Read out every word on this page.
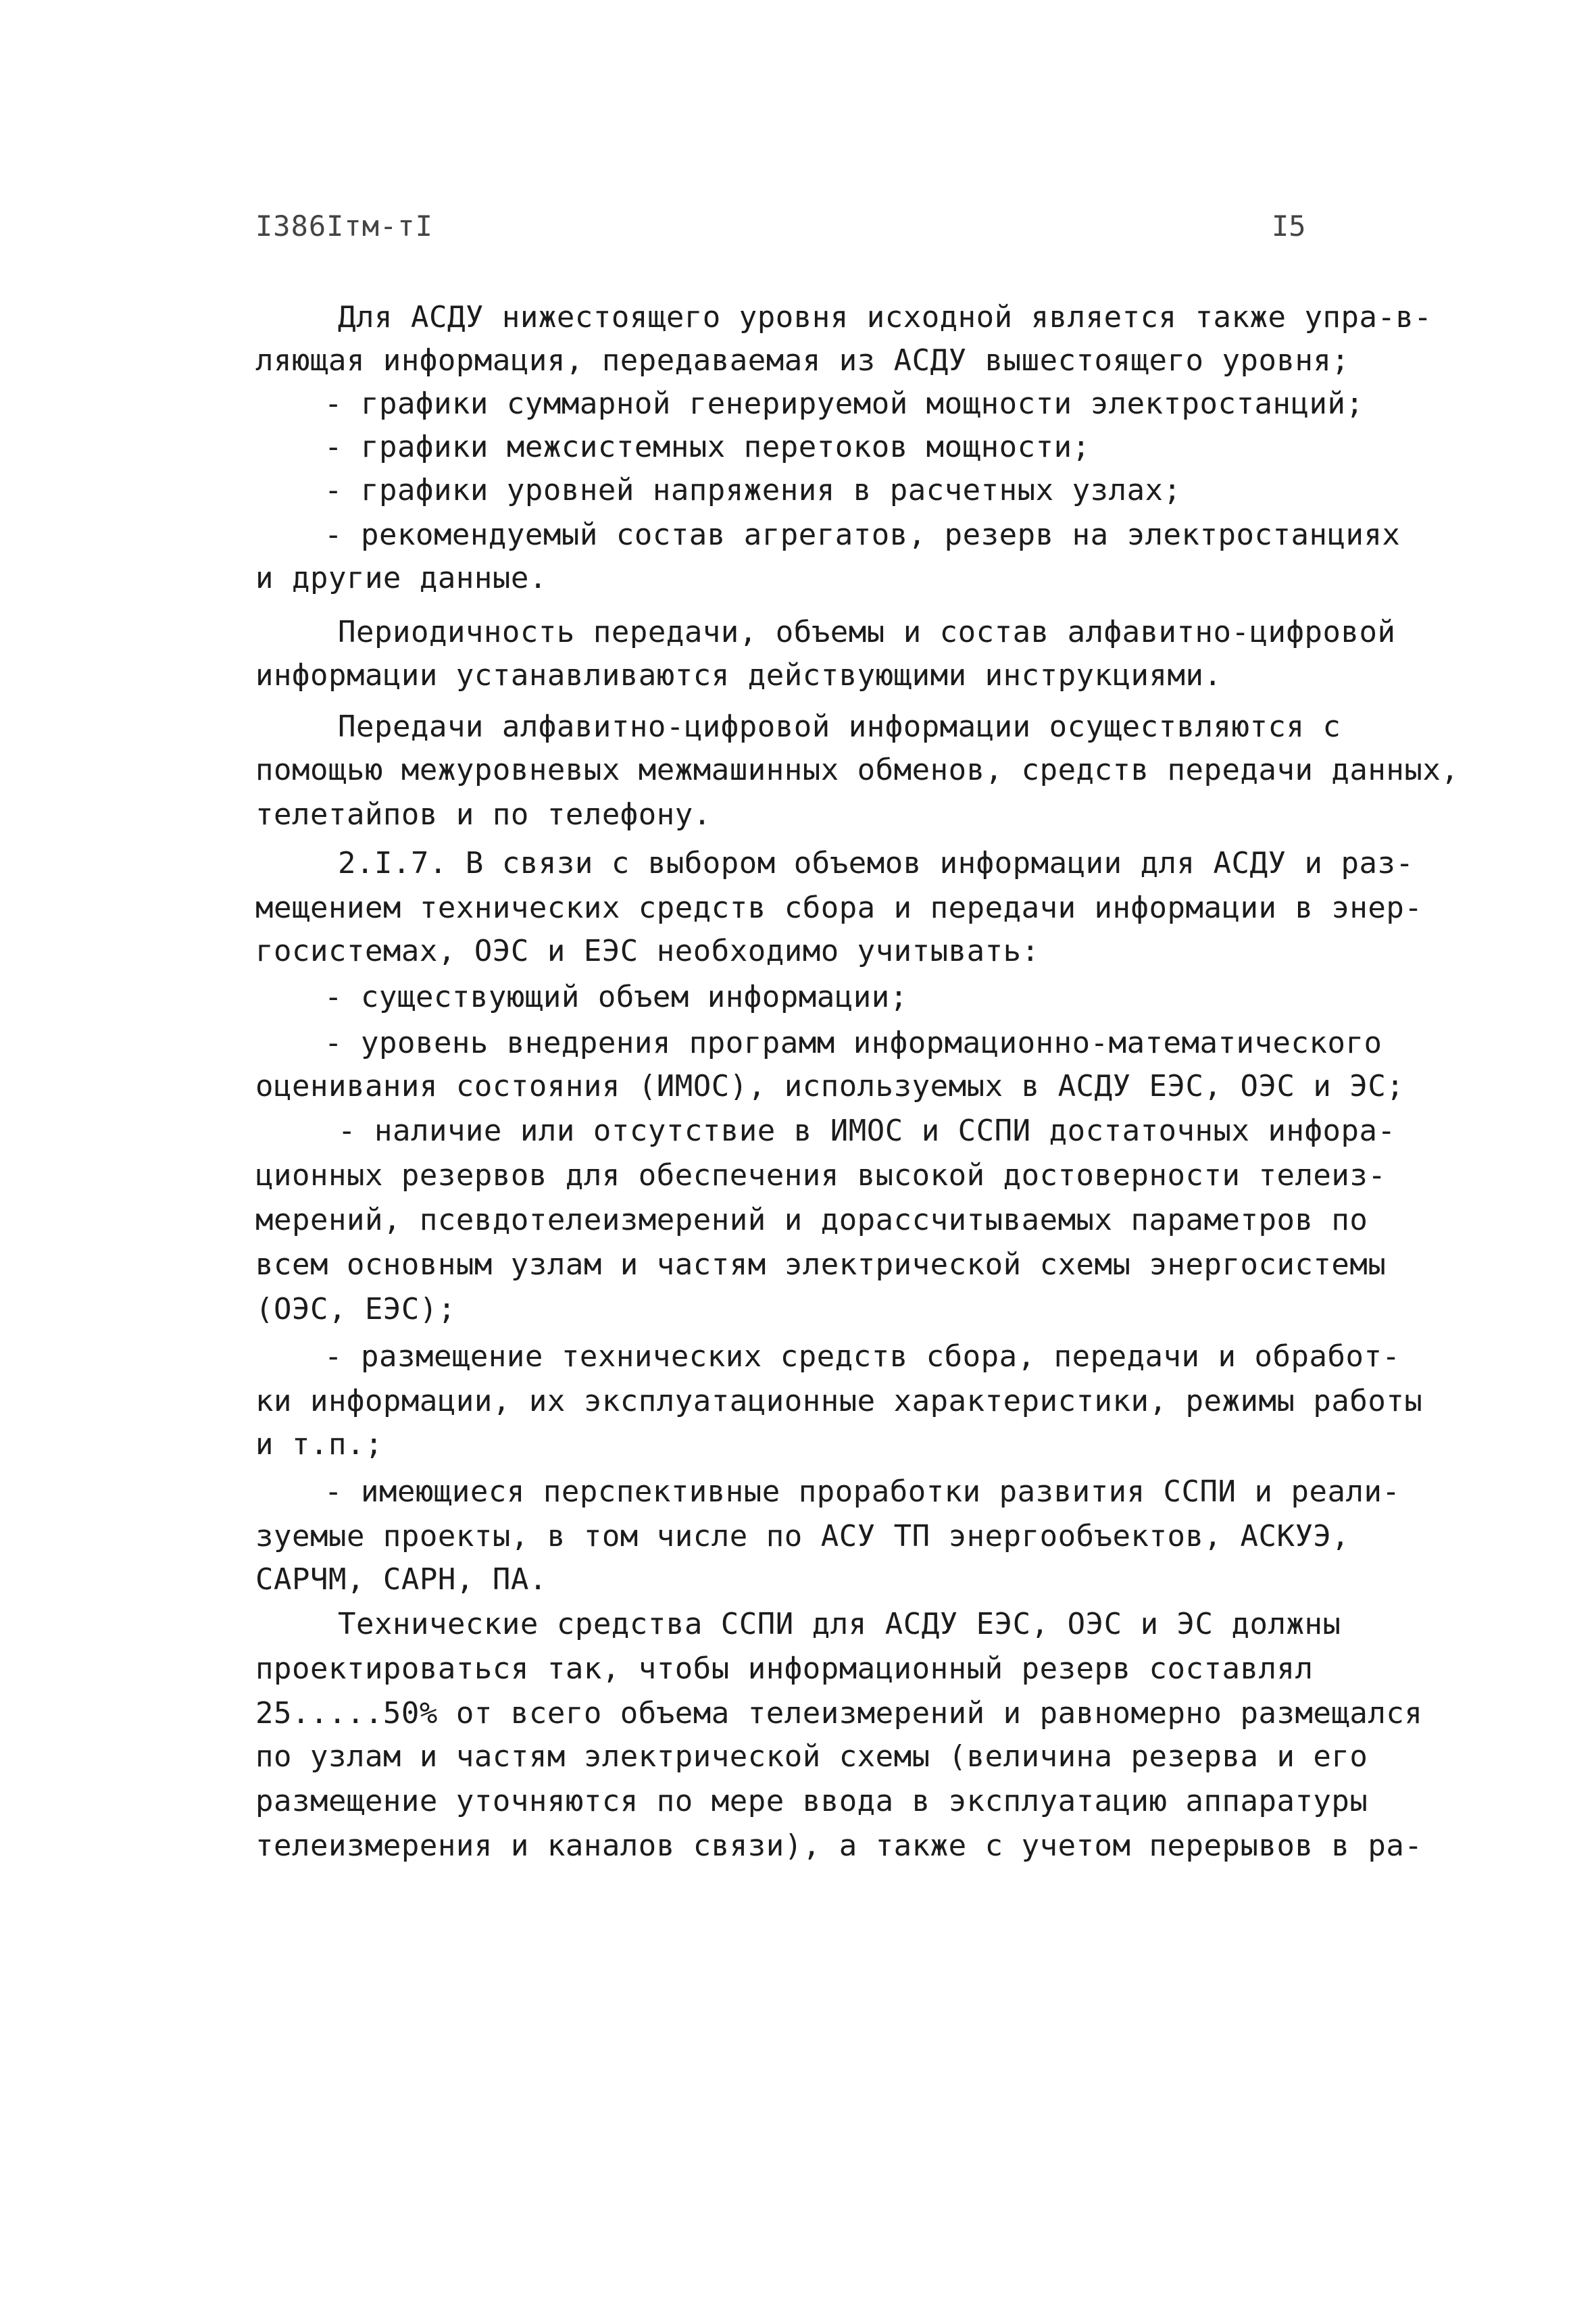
I386Iтм-тI	I5
Для АСДУ нижестоящего уровня исходной является также упра-в-
ляющая информация, передаваемая из АСДУ вышестоящего уровня;
- графики суммарной генерируемой мощности электростанций;
- графики межсистемных перетоков мощности;
- графики уровней напряжения в расчетных узлах;
- рекомендуемый состав агрегатов, резерв на электростанциях
и другие данные.
Периодичность передачи, объемы и состав алфавитно-цифровой
информации устанавливаются действующими инструкциями.
Передачи алфавитно-цифровой информации осуществляются с
помощью межуровневых межмашинных обменов, средств передачи данных,
телетайпов и по телефону.
2.I.7. В связи с выбором объемов информации для АСДУ и раз-
мещением технических средств сбора и передачи информации в энер-
госистемах, ОЭС и ЕЭС необходимо учитывать:
- существующий объем информации;
- уровень внедрения программ информационно-математического
оценивания состояния (ИМОС), используемых в АСДУ ЕЭС, ОЭС и ЭС;
- наличие или отсутствие в ИМОС и ССПИ достаточных инфорa-
ционных резервов для обеспечения высокой достоверности телеиз-
мерений, псевдотелеизмерений и дорассчитываемых параметров по
всем основным узлам и частям электрической схемы энергосистемы
(ОЭС, ЕЭС);
- размещение технических средств сбора, передачи и обработ-
ки информации, их эксплуатационные характеристики, режимы работы
и т.п.;
- имеющиеся перспективные проработки развития ССПИ и реали-
зуемые проекты, в том числе по АСУ ТП энергообъектов, АСКУЭ,
САРЧМ, САРН, ПА.
Технические средства ССПИ для АСДУ ЕЭС, ОЭС и ЭС должны
проектироваться так, чтобы информационный резерв составлял
25.....50% от всего объема телеизмерений и равномерно размещался
по узлам и частям электрической схемы (величина резерва и его
размещение уточняются по мере ввода в эксплуатацию аппаратуры
телеизмерения и каналов связи), а также с учетом перерывов в ра-
